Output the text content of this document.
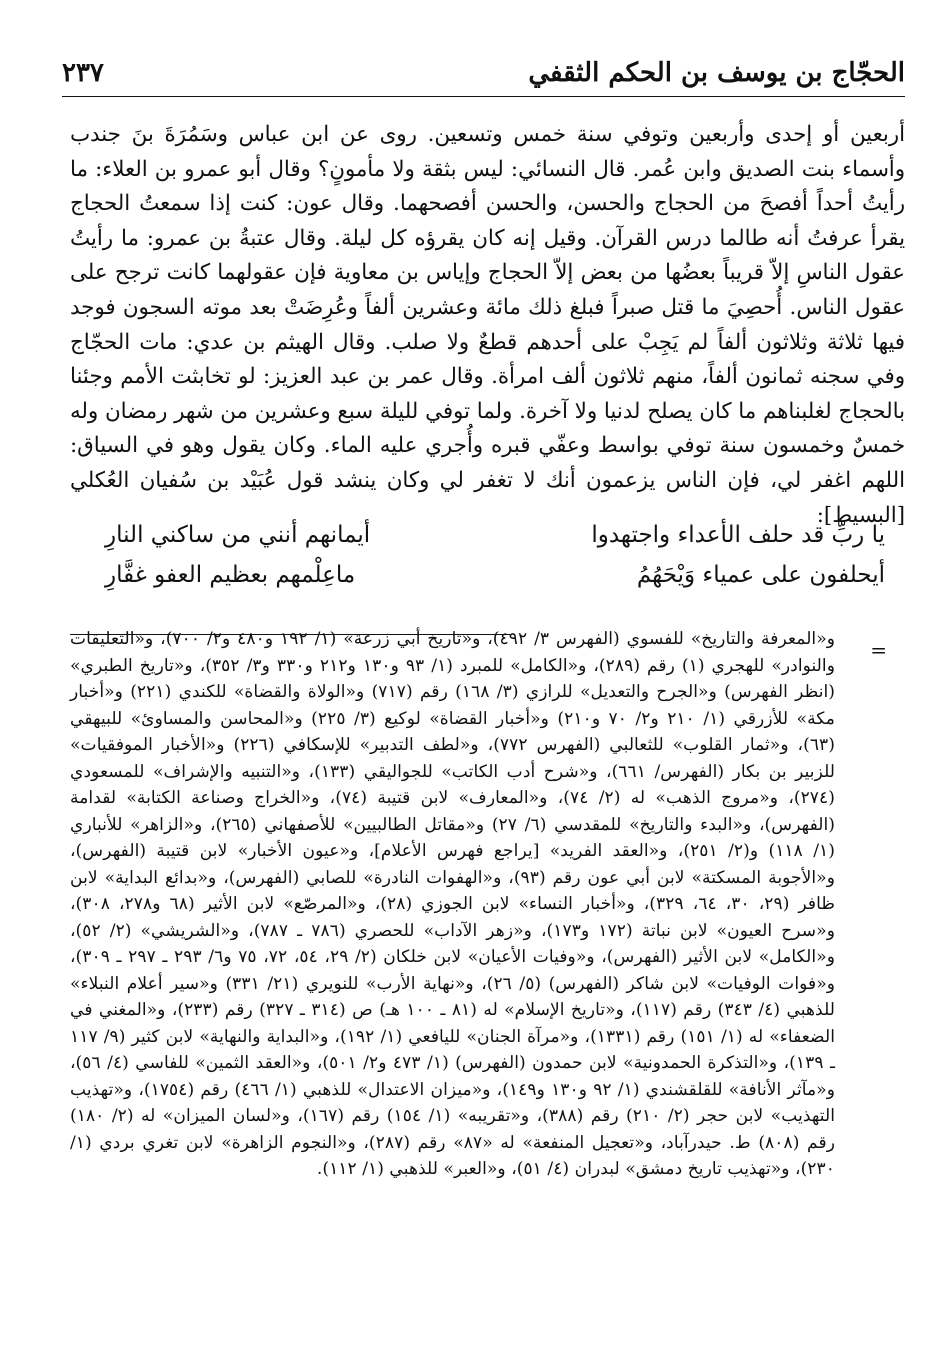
الحجّاج بن يوسف بن الحكم الثقفي
٢٣٧

أربعين أو إحدى وأربعين وتوفي سنة خمس وتسعين. روى عن ابن عباس وسَمُرَةَ بنَ جندب وأسماء بنت الصديق وابن عُمر. قال النسائي: ليس بثقة ولا مأمونٍ؟ وقال أبو عمرو بن العلاء: ما رأيتُ أحداً أفصحَ من الحجاج والحسن، والحسن أفصحهما. وقال عون: كنت إذا سمعتُ الحجاج يقرأ عرفتُ أنه طالما درس القرآن. وقيل إنه كان يقرؤه كل ليلة. وقال عتبةُ بن عمرو: ما رأيتُ عقول الناسِ إلاّ قريباً بعضُها من بعض إلاّ الحجاج وإياس بن معاوية فإن عقولهما كانت ترجح على عقول الناس. أُحصِيَ ما قتل صبراً فبلغ ذلك مائة وعشرين ألفاً وعُرِضَتْ بعد موته السجون فوجد فيها ثلاثة وثلاثون ألفاً لم يَجِبْ على أحدهم قطعٌ ولا صلب. وقال الهيثم بن عدي: مات الحجّاج وفي سجنه ثمانون ألفاً، منهم ثلاثون ألف امرأة. وقال عمر بن عبد العزيز: لو تخابثت الأمم وجئنا بالحجاج لغلبناهم ما كان يصلح لدنيا ولا آخرة. ولما توفي لليلة سبع وعشرين من شهر رمضان وله خمسٌ وخمسون سنة توفي بواسط وعفّي قبره وأُجري عليه الماء. وكان يقول وهو في السياق: اللهم اغفر لي، فإن الناس يزعمون أنك لا تغفر لي وكان ينشد قول عُبَيْد بن سُفيان العُكلي [البسيط]:

يا ربِّ قد حلف الأعداء واجتهدوا
أيمانهم أنني من ساكني النارِ
أيحلفون على عمياء وَيْحَهُمُ
ماعِلْمهم بعظيم العفو غفَّارِ
=

و«المعرفة والتاريخ» للفسوي (الفهرس ٣/ ٤٩٢)، و«تاريخ أبي زرعة» (١/ ١٩٢ و٤٨٠ و٢/ ٧٠٠)، و«التعليقات والنوادر» للهجري (١) رقم (٢٨٩)، و«الكامل» للمبرد (١/ ٩٣ و١٣٠ و٢١٢ و٣٣٠ و٣/ ٣٥٢)، و«تاريخ الطبري» (انظر الفهرس) و«الجرح والتعديل» للرازي (٣/ ١٦٨) رقم (٧١٧) و«الولاة والقضاة» للكندي (٢٢١) و«أخبار مكة» للأزرقي (١/ ٢١٠ و٢/ ٧٠ و٢١٠) و«أخبار القضاة» لوكيع (٣/ ٢٢٥) و«المحاسن والمساوئ» للبيهقي (٦٣)، و«ثمار القلوب» للثعالبي (الفهرس ٧٧٢)، و«لطف التدبير» للإسكافي (٢٢٦) و«الأخبار الموفقيات» للزبير بن بكار (الفهرس/ ٦٦١)، و«شرح أدب الكاتب» للجواليقي (١٣٣)، و«التنبيه والإشراف» للمسعودي (٢٧٤)، و«مروج الذهب» له (٢/ ٧٤)، و«المعارف» لابن قتيبة (٧٤)، و«الخراج وصناعة الكتابة» لقدامة (الفهرس)، و«البدء والتاريخ» للمقدسي (٦/ ٢٧) و«مقاتل الطالبيين» للأصفهاني (٢٦٥)، و«الزاهر» للأنباري (١/ ١١٨) و(٢/ ٢٥١)، و«العقد الفريد» [يراجع فهرس الأعلام]، و«عيون الأخبار» لابن قتيبة (الفهرس)، و«الأجوبة المسكتة» لابن أبي عون رقم (٩٣)، و«الهفوات النادرة» للصابي (الفهرس)، و«بدائع البداية» لابن ظافر (٢٩، ٣٠، ٦٤، ٣٢٩)، و«أخبار النساء» لابن الجوزي (٢٨)، و«المرصّع» لابن الأثير (٦٨ و٢٧٨، ٣٠٨)، و«سرح العيون» لابن نباتة (١٧٢ و١٧٣)، و«زهر الآداب» للحصري (٧٨٦ ـ ٧٨٧)، و«الشريشي» (٢/ ٥٢)، و«الكامل» لابن الأثير (الفهرس)، و«وفيات الأعيان» لابن خلكان (٢/ ٢٩، ٥٤، ٧٢، ٧٥ و٦/ ٢٩٣ ـ ٢٩٧ ـ ٣٠٩)، و«فوات الوفيات» لابن شاكر (الفهرس) (٥/ ٢٦)، و«نهاية الأرب» للنويري (٢١/ ٣٣١) و«سير أعلام النبلاء» للذهبي (٤/ ٣٤٣) رقم (١١٧)، و«تاريخ الإسلام» له (٨١ ـ ١٠٠ هـ) ص (٣١٤ ـ ٣٢٧) رقم (٢٣٣)، و«المغني في الضعفاء» له (١/ ١٥١) رقم (١٣٣١)، و«مرآة الجنان» لليافعي (١/ ١٩٢)، و«البداية والنهاية» لابن كثير (٩/ ١١٧ ـ ١٣٩)، و«التذكرة الحمدونية» لابن حمدون (الفهرس) (١/ ٤٧٣ و٢/ ٥٠١)، و«العقد الثمين» للفاسي (٤/ ٥٦)، و«مآثر الأنافة» للقلقشندي (١/ ٩٢ و١٣٠ و١٤٩)، و«ميزان الاعتدال» للذهبي (١/ ٤٦٦) رقم (١٧٥٤)، و«تهذيب التهذيب» لابن حجر (٢/ ٢١٠) رقم (٣٨٨)، و«تقريبه» (١/ ١٥٤) رقم (١٦٧)، و«لسان الميزان» له (٢/ ١٨٠) رقم (٨٠٨) ط. حيدرآباد، و«تعجيل المنفعة» له «٨٧» رقم (٢٨٧)، و«النجوم الزاهرة» لابن تغري بردي (١/ ٢٣٠)، و«تهذيب تاريخ دمشق» لبدران (٤/ ٥١)، و«العبر» للذهبي (١/ ١١٢).
